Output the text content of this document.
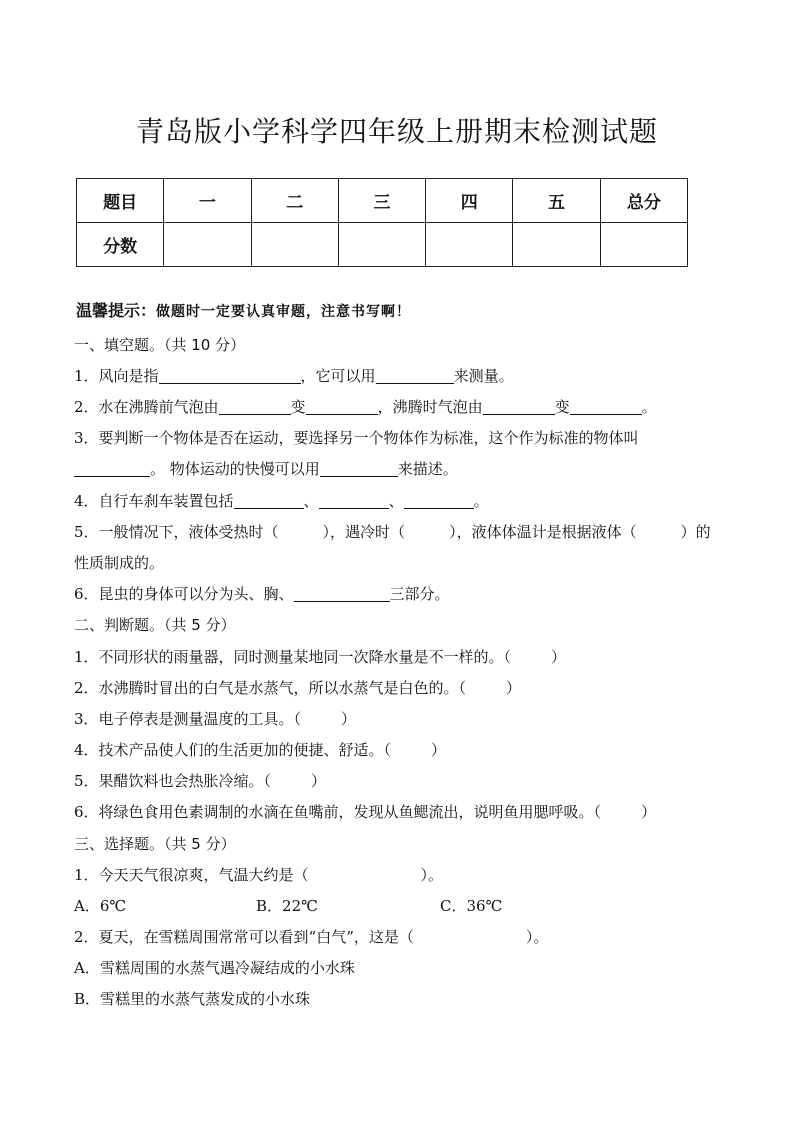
青岛版小学科学四年级上册期末检测试题
题目	一	二	三	四	五	总分
分数						
温馨提示：做题时一定要认真审题，注意书写啊！
一、填空题。（共 10 分）
1．风向是指	，它可以用	来测量。
2．水在沸腾前气泡由	变	，沸腾时气泡由	变	。
3．要判断一个物体是否在运动，要选择另一个物体作为标准，这个作为标准的物体叫
。 物体运动的快慢可以用	来描述。
4．自行车刹车装置包括	、	、	。
5．一般情况下，液体受热时（	），遇冷时（	），液体体温计是根据液体（	）的
性质制成的。
6．昆虫的身体可以分为头、胸、	三部分。
二、判断题。（共 5 分）
1．不同形状的雨量器，同时测量某地同一次降水量是不一样的。（	）
2．水沸腾时冒出的白气是水蒸气，所以水蒸气是白色的。（	）
3．电子停表是测量温度的工具。（	）
4．技术产品使人们的生活更加的便捷、舒适。（	）
5．果醋饮料也会热胀冷缩。（	）
6．将绿色食用色素调制的水滴在鱼嘴前，发现从鱼鳃流出，说明鱼用腮呼吸。（	）
三、选择题。（共 5 分）
1．今天天气很凉爽，气温大约是（	）。
A．6℃	B．22℃	C．36℃
2．夏天，在雪糕周围常常可以看到“白气”，这是（	）。
A．雪糕周围的水蒸气遇冷凝结成的小水珠
B．雪糕里的水蒸气蒸发成的小水珠
